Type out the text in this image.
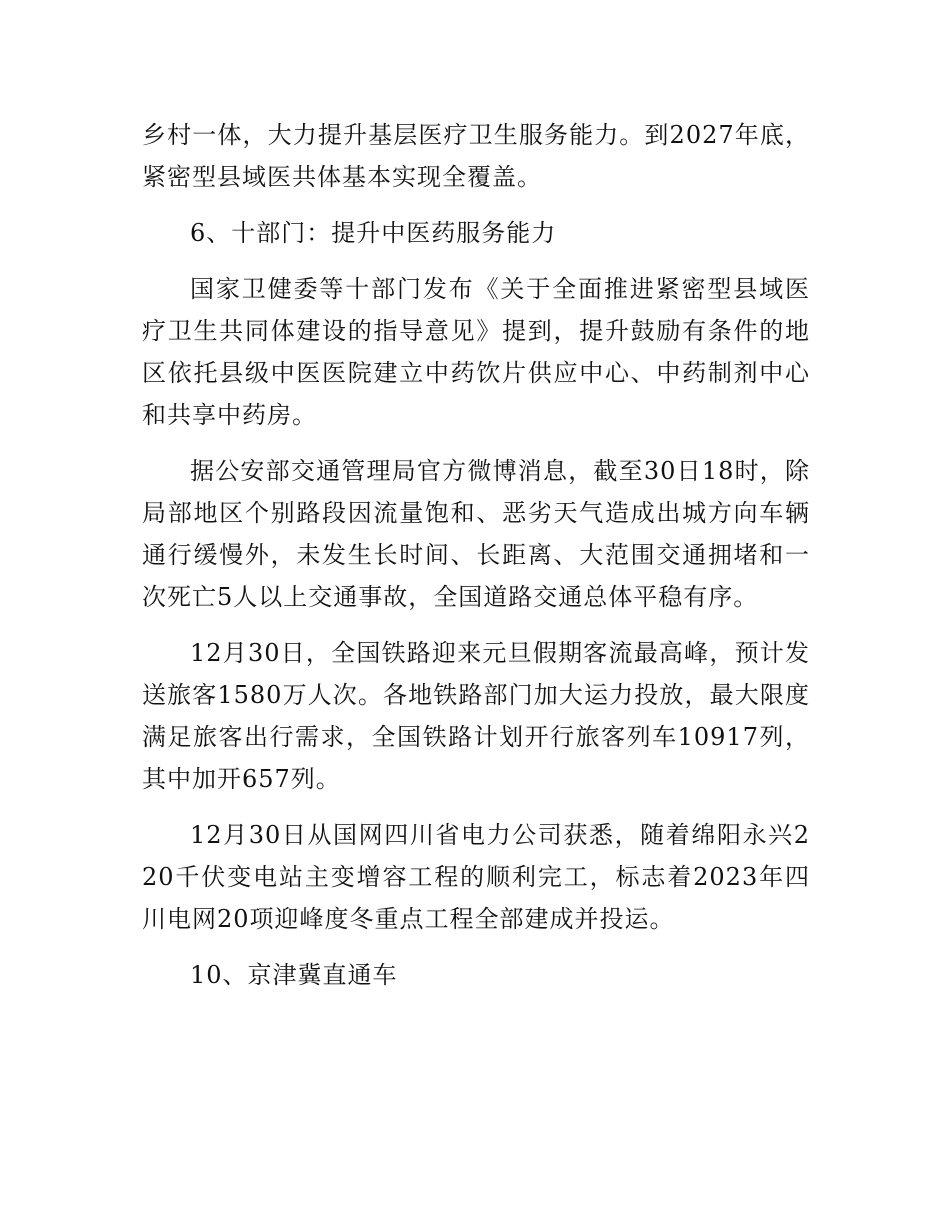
乡村一体，大力提升基层医疗卫生服务能力。到2027年底，紧密型县域医共体基本实现全覆盖。

6、十部门：提升中医药服务能力

国家卫健委等十部门发布《关于全面推进紧密型县域医疗卫生共同体建设的指导意见》提到，提升鼓励有条件的地区依托县级中医医院建立中药饮片供应中心、中药制剂中心和共享中药房。

据公安部交通管理局官方微博消息，截至30日18时，除局部地区个别路段因流量饱和、恶劣天气造成出城方向车辆通行缓慢外，未发生长时间、长距离、大范围交通拥堵和一次死亡5人以上交通事故，全国道路交通总体平稳有序。

12月30日，全国铁路迎来元旦假期客流最高峰，预计发送旅客1580万人次。各地铁路部门加大运力投放，最大限度满足旅客出行需求，全国铁路计划开行旅客列车10917列，其中加开657列。

12月30日从国网四川省电力公司获悉，随着绵阳永兴220千伏变电站主变增容工程的顺利完工，标志着2023年四川电网20项迎峰度冬重点工程全部建成并投运。

10、京津冀直通车
